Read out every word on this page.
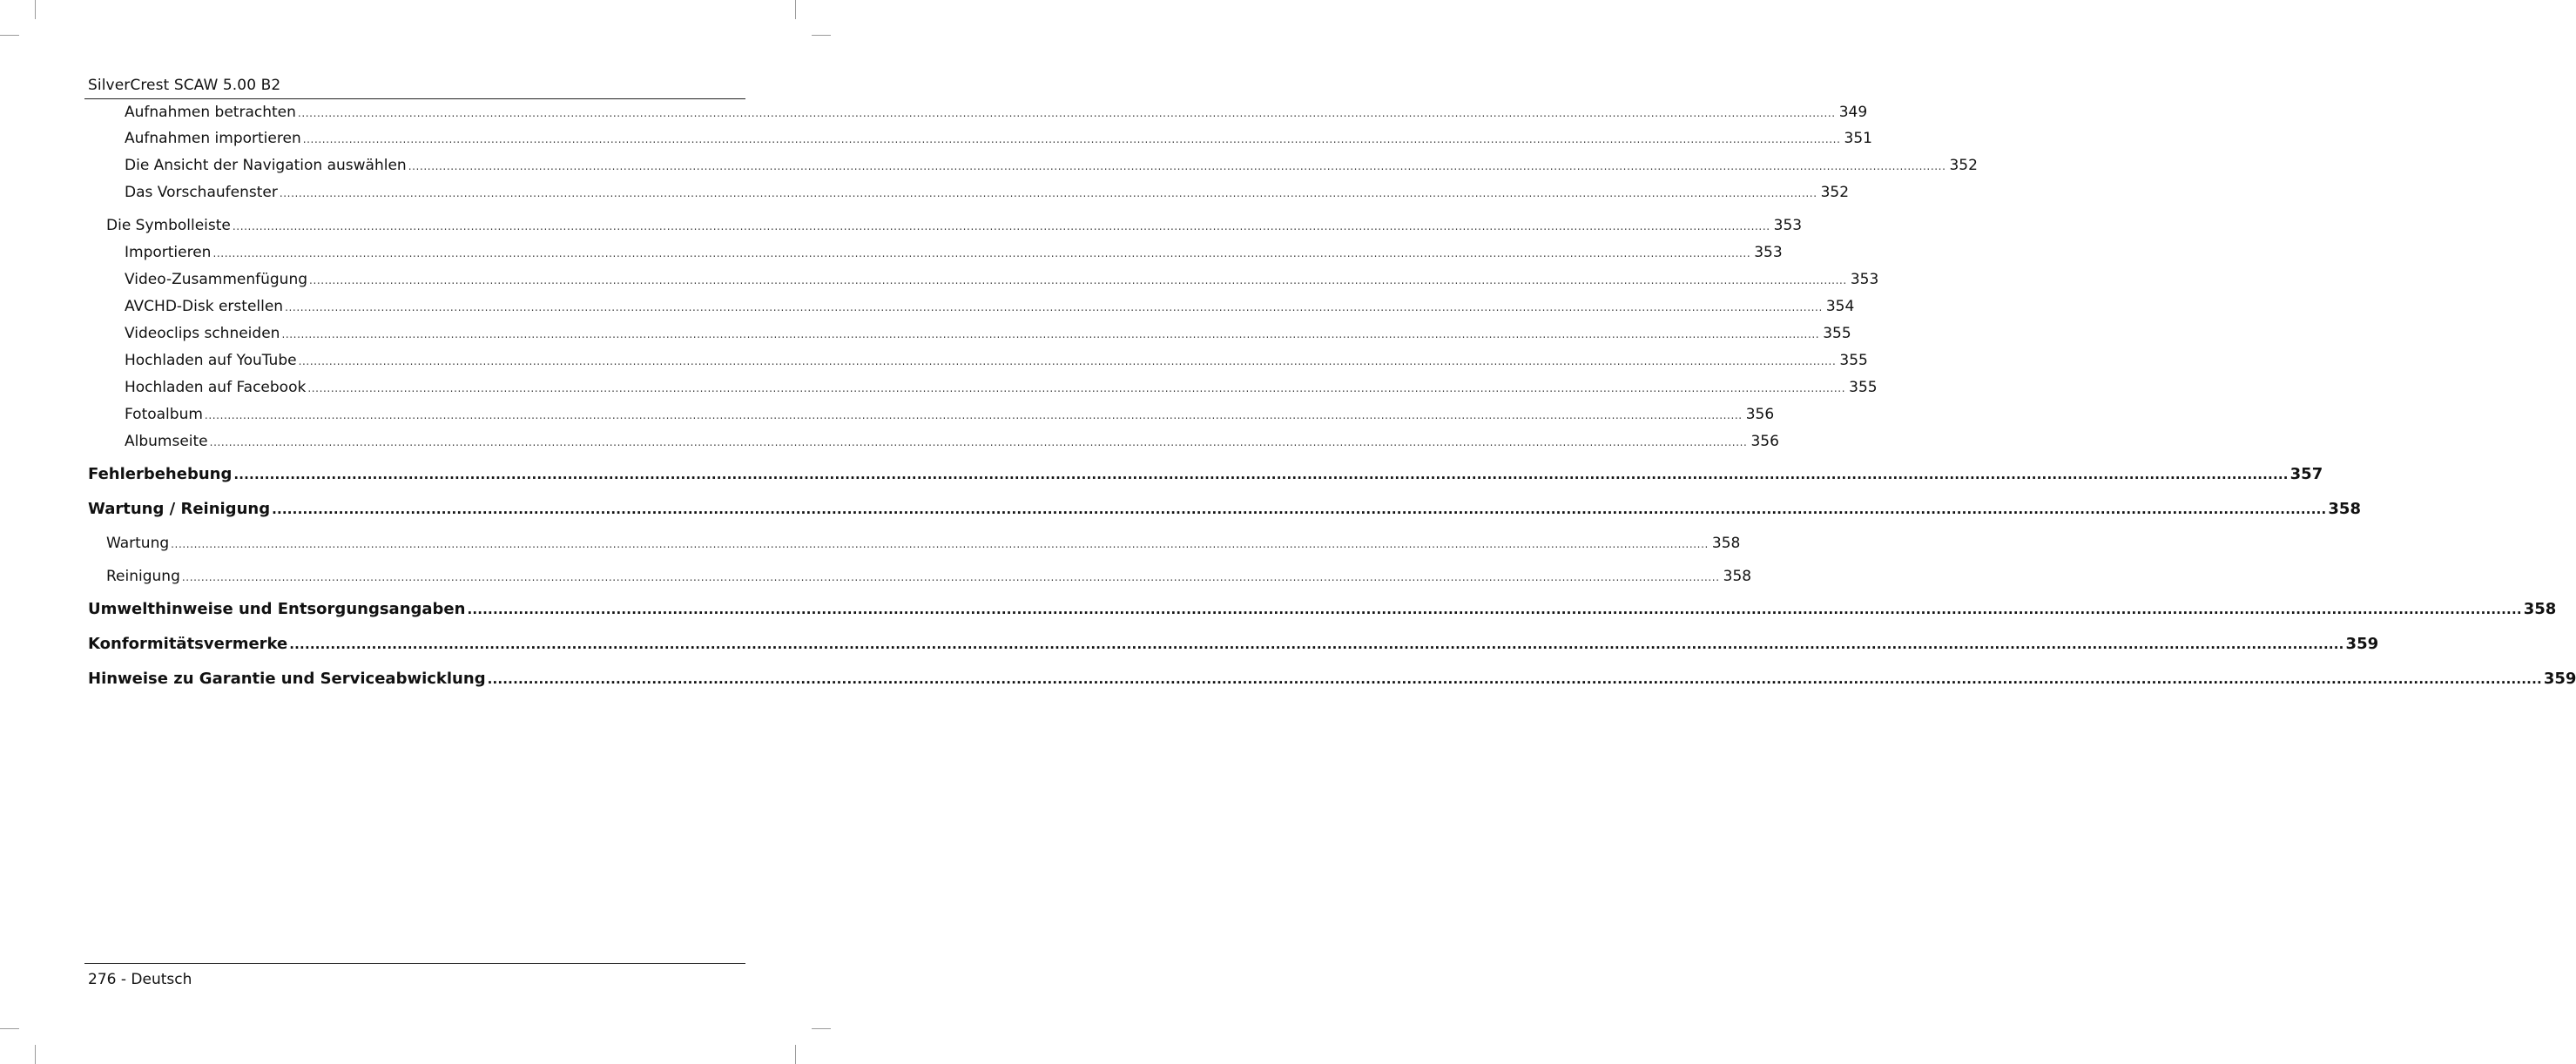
SilverCrest SCAW 5.00 B2
Aufnahmen betrachten ................................................................................................................................................................................................................................................................................................................................................................................................................ 349
Aufnahmen importieren ................................................................................................................................................................................................................................................................................................................................................................................................................ 351
Die Ansicht der Navigation auswählen ................................................................................................................................................................................................................................................................................................................................................................................................................ 352
Das Vorschaufenster ................................................................................................................................................................................................................................................................................................................................................................................................................ 352
Die Symbolleiste ................................................................................................................................................................................................................................................................................................................................................................................................................ 353
Importieren ................................................................................................................................................................................................................................................................................................................................................................................................................ 353
Video-Zusammenfügung ................................................................................................................................................................................................................................................................................................................................................................................................................ 353
AVCHD-Disk erstellen ................................................................................................................................................................................................................................................................................................................................................................................................................ 354
Videoclips schneiden ................................................................................................................................................................................................................................................................................................................................................................................................................ 355
Hochladen auf YouTube ................................................................................................................................................................................................................................................................................................................................................................................................................ 355
Hochladen auf Facebook ................................................................................................................................................................................................................................................................................................................................................................................................................ 355
Fotoalbum ................................................................................................................................................................................................................................................................................................................................................................................................................ 356
Albumseite ................................................................................................................................................................................................................................................................................................................................................................................................................ 356
Fehlerbehebung ................................................................................................................................................................................................................................................................................................................................................................................................................ 357
Wartung / Reinigung ................................................................................................................................................................................................................................................................................................................................................................................................................ 358
Wartung ................................................................................................................................................................................................................................................................................................................................................................................................................ 358
Reinigung ................................................................................................................................................................................................................................................................................................................................................................................................................ 358
Umwelthinweise und Entsorgungsangaben ................................................................................................................................................................................................................................................................................................................................................................................................................ 358
Konformitätsvermerke ................................................................................................................................................................................................................................................................................................................................................................................................................ 359
Hinweise zu Garantie und Serviceabwicklung ................................................................................................................................................................................................................................................................................................................................................................................................................ 359
276 - Deutsch
